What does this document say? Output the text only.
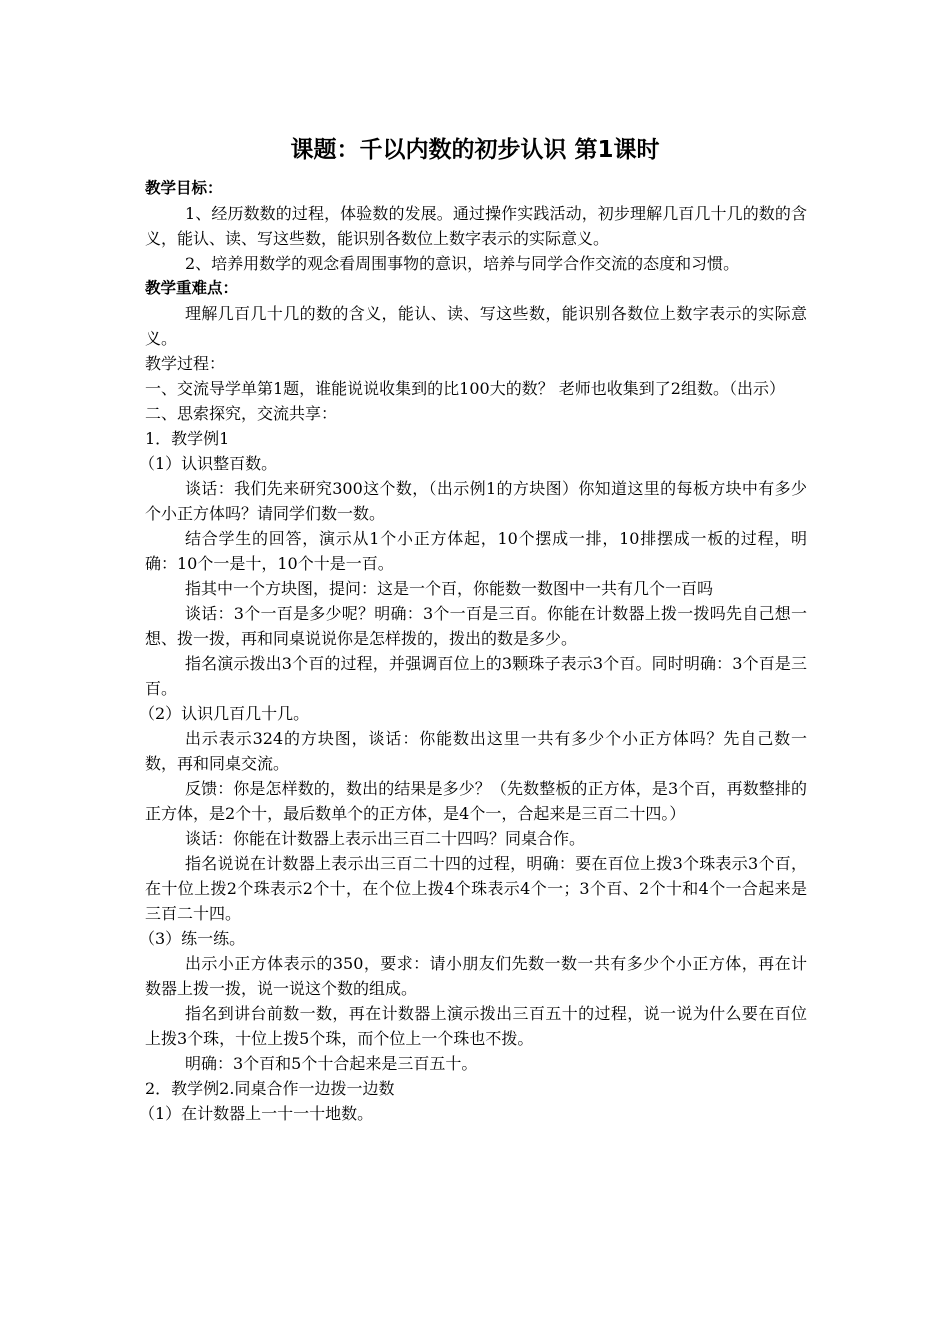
课题：千以内数的初步认识 第1课时

教学目标：

1、经历数数的过程，体验数的发展。通过操作实践活动，初步理解几百几十几的数的含义，能认、读、写这些数，能识别各数位上数字表示的实际意义。

2、培养用数学的观念看周围事物的意识，培养与同学合作交流的态度和习惯。

教学重难点：

理解几百几十几的数的含义，能认、读、写这些数，能识别各数位上数字表示的实际意义。

教学过程：

一、交流导学单第1题，谁能说说收集到的比100大的数？ 老师也收集到了2组数。（出示）

二、思索探究，交流共享：

1．教学例1

（1）认识整百数。

谈话：我们先来研究300这个数，（出示例1的方块图）你知道这里的每板方块中有多少个小正方体吗？请同学们数一数。

结合学生的回答，演示从1个小正方体起，10个摆成一排，10排摆成一板的过程，明确：10个一是十，10个十是一百。

指其中一个方块图，提问：这是一个百，你能数一数图中一共有几个一百吗

谈话：3个一百是多少呢？明确：3个一百是三百。你能在计数器上拨一拨吗先自己想一想、拨一拨，再和同桌说说你是怎样拨的，拨出的数是多少。

指名演示拨出3个百的过程，并强调百位上的3颗珠子表示3个百。同时明确：3个百是三百。

（2）认识几百几十几。

出示表示324的方块图，谈话：你能数出这里一共有多少个小正方体吗？先自己数一数，再和同桌交流。

反馈：你是怎样数的，数出的结果是多少？（先数整板的正方体，是3个百，再数整排的正方体，是2个十，最后数单个的正方体，是4个一，合起来是三百二十四。）

谈话：你能在计数器上表示出三百二十四吗？同桌合作。

指名说说在计数器上表示出三百二十四的过程，明确：要在百位上拨3个珠表示3个百，在十位上拨2个珠表示2个十，在个位上拨4个珠表示4个一；3个百、2个十和4个一合起来是三百二十四。

（3）练一练。

出示小正方体表示的350，要求：请小朋友们先数一数一共有多少个小正方体，再在计数器上拨一拨，说一说这个数的组成。

指名到讲台前数一数，再在计数器上演示拨出三百五十的过程，说一说为什么要在百位上拨3个珠，十位上拨5个珠，而个位上一个珠也不拨。

明确：3个百和5个十合起来是三百五十。

2．教学例2.同桌合作一边拨一边数

（1）在计数器上一十一十地数。
